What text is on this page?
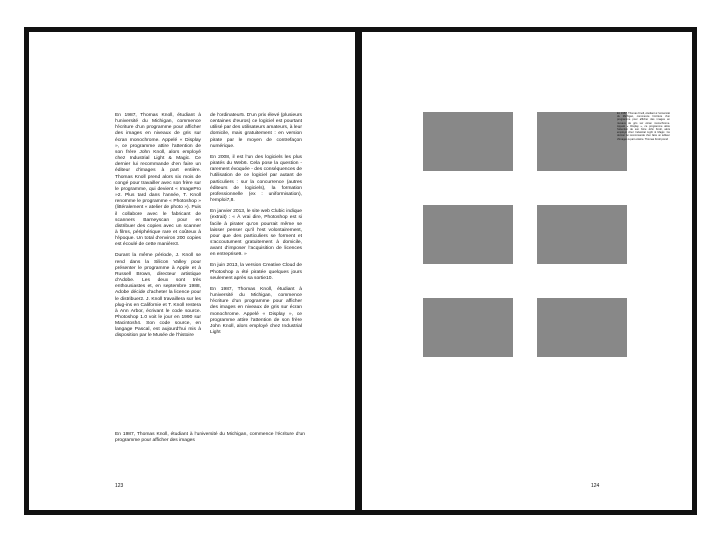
En 1987, Thomas Knoll, étudiant à l’université du Michigan, commence l’écriture d’un programme pour afficher des images en niveaux de gris sur écran monochrome. Appelé « Display », ce programme attire l’attention de son frère John Knoll, alors employé chez Industrial Light & Magic. Ce dernier lui recommande d’en faire un éditeur d’images à part entière. Thomas Knoll prend alors six mois de congé pour travailler avec son frère sur le programme, qui devient « ImagePro »2. Plus tard dans l’année, T. Knoll renomme le programme « Photoshop » (littéralement « atelier de photo »). Puis il collabore avec le fabricant de scanners Barneyscan pour en distribuer des copies avec un scanner à films, périphérique rare et coûteux à l’époque. Un total d’environ 200 copies est écoulé de cette manière3.

Durant la même période, J. Knoll se rend dans la Silicon Valley pour présenter le programme à Apple et à Russell Brown, directeur artistique d’Adobe. Les deux sont très enthousiastes et, en septembre 1988, Adobe décide d’acheter la licence pour le distribuer2. J. Knoll travaillera sur les plug-ins en Californie et T. Knoll restera à Ann Arbor, écrivant le code source. Photoshop 1.0 voit le jour en 1990 sur Macintosh4. Son code source, en langage Pascal, est aujourd’hui mis à disposition par le Musée de l’histoire

de l’ordinateur5. D’un prix élevé (plusieurs centaines d’euros) ce logiciel est pourtant utilisé par des utilisateurs amateurs, à leur domicile, mais gratuitement : en version pirate par le moyen de contrefaçon numérique.

En 2008, il est l’un des logiciels les plus piratés du Web6. Cela pose la question - rarement évoquée - des conséquences de l’utilisation de ce logiciel par autant de particuliers : sur la concurrence (autres éditeurs de logiciels), la formation professionnelle (ex : uniformisation), l’emploi7,8.

En janvier 2013, le site web Clubic indique (extrait) : « À vrai dire, Photoshop est si facile à pirater qu’on pourrait même se laisser penser qu’il l’est volontairement, pour que des particuliers se forment et s’accoutument gratuitement à domicile, avant d’imposer l’acquisition de licences en entreprise9. »

En juin 2013, la version Creative Cloud de Photoshop a été piratée quelques jours seulement après sa sortie10.

En 1987, Thomas Knoll, étudiant à l’université du Michigan, commence l’écriture d’un programme pour afficher des images en niveaux de gris sur écran monochrome. Appelé « Display », ce programme attire l’attention de son frère John Knoll, alors employé chez Industrial Light

En 1987, Thomas Knoll, étudiant à l’université du Michigan, commence l’écriture d’un programme pour afficher des images
123
En 1987, Thomas Knoll, étudiant à l’université du Michigan, commence l’écriture d’un programme pour afficher des images en niveaux de gris sur écran monochrome. Appelé « Display », ce programme attire l’attention de son frère John Knoll, alors employé chez Industrial Light & Magic. Ce dernier lui recommande d’en faire un éditeur d’images à part entière. Thomas Knoll prend
124
